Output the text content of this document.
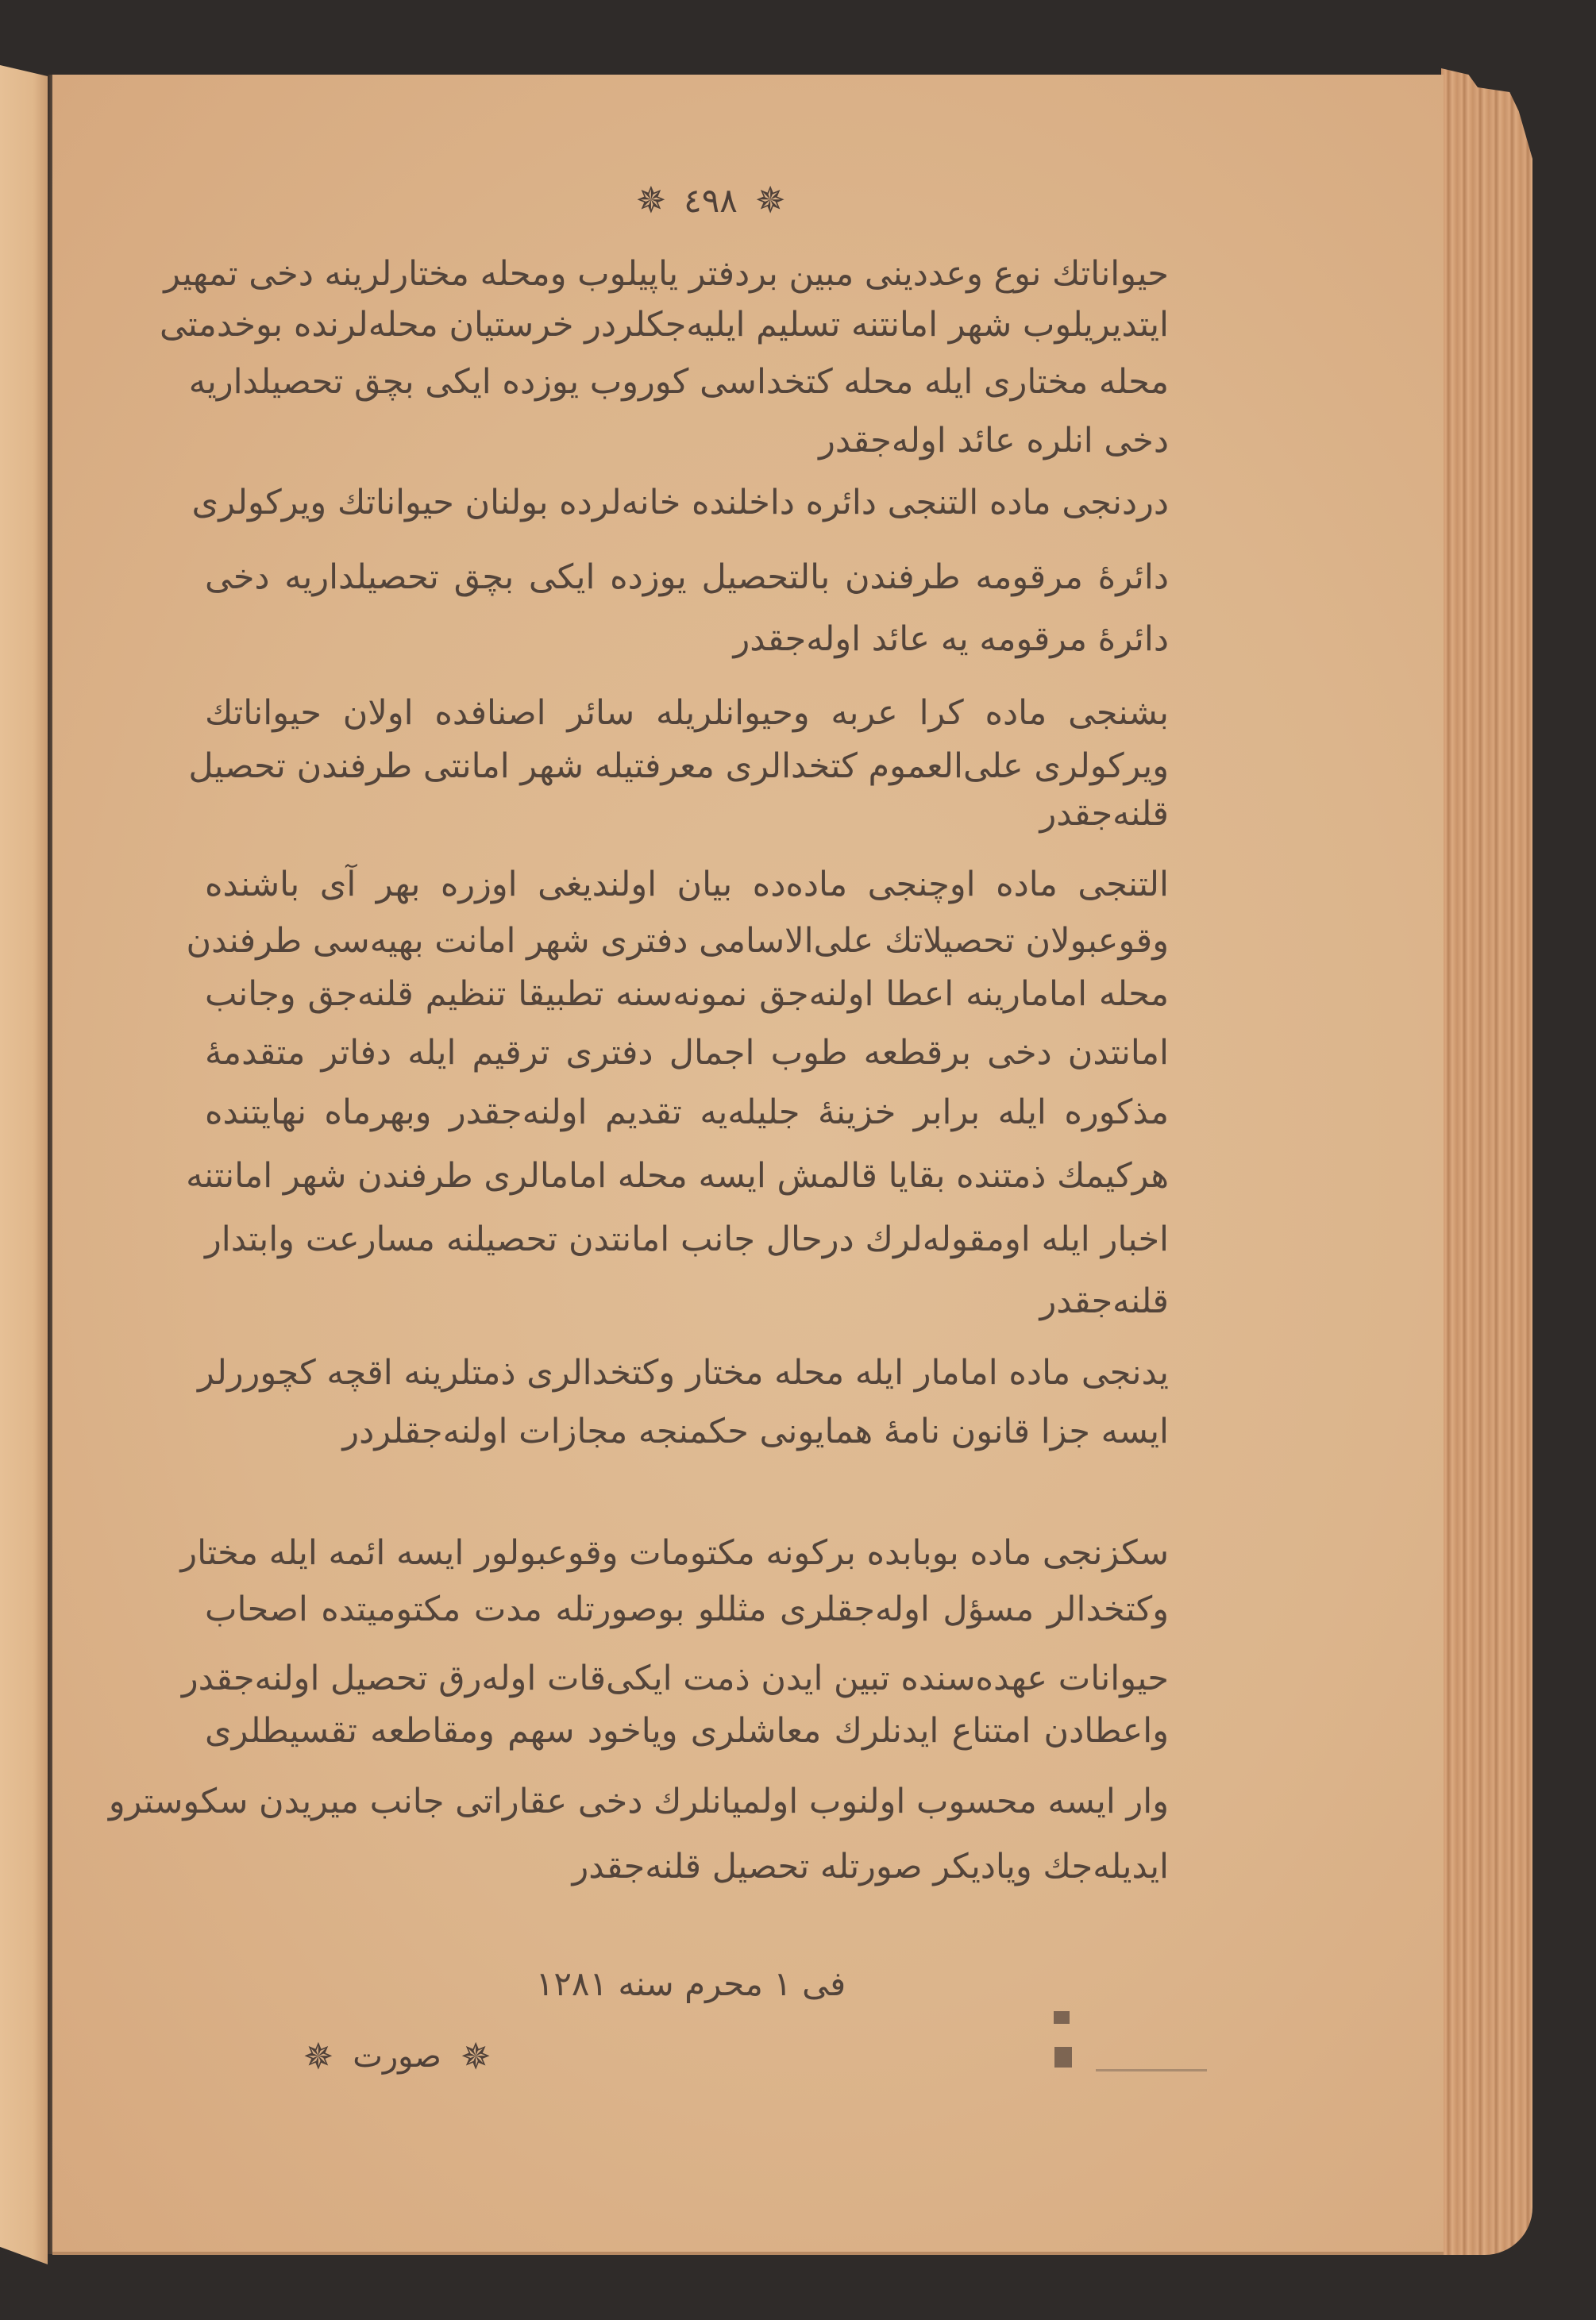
✵ ٤٩٨ ✵
حیواناتك نوع وعددینی مبین بردفتر یاپیلوب ومحله مختارلرینه دخی تمهیر
ایتدیریلوب شهر امانتنه تسلیم ایلیه‌جکلردر خرستیان محله‌لرنده بوخدمتی
محله مختاری ایله محله کتخداسی کوروب یوزده ایکی بچق تحصیلداریه
دخی انلره عائد اوله‌جقدر
دردنجی ماده التنجی دائره داخلنده خانه‌لرده بولنان حیواناتك ویرکولری
دائرهٔ مرقومه طرفندن بالتحصیل یوزده ایکی بچق تحصیلداریه دخی
دائرهٔ مرقومه یه عائد اوله‌جقدر
بشنجی ماده کرا عربه وحیوانلریله سائر اصنافده اولان حیواناتك
ویرکولری علی‌العموم کتخدالری معرفتیله شهر امانتی طرفندن تحصیل
قلنه‌جقدر
التنجی ماده اوچنجی ماده‌ده بیان اولندیغی اوزره بهر آی باشنده
وقوعبولان تحصیلاتك علی‌الاسامی دفتری شهر امانت بهیه‌سی طرفندن
محله امامارینه اعطا اولنه‌جق نمونه‌سنه تطبیقا تنظیم قلنه‌جق وجانب
امانتدن دخی برقطعه طوب اجمال دفتری ترقیم ایله دفاتر متقدمهٔ
مذکوره ایله برابر خزینهٔ جلیله‌یه تقدیم اولنه‌جقدر وبهرماه نهایتنده
هرکیمك ذمتنده بقایا قالمش ایسه محله امامالری طرفندن شهر امانتنه
اخبار ایله اومقوله‌لرك درحال جانب امانتدن تحصیلنه مسارعت وابتدار
قلنه‌جقدر
یدنجی ماده امامار ایله محله مختار وکتخدالری ذمتلرینه اقچه کچوررلر
ایسه جزا قانون نامهٔ همایونی حکمنجه مجازات اولنه‌جقلردر
سکزنجی ماده بوبابده برکونه مکتومات وقوعبولور ایسه ائمه ایله مختار
وکتخدالر مسؤل اوله‌جقلری مثللو بوصورتله مدت مکتومیتده اصحاب
حیوانات عهده‌سنده تبین ایدن ذمت ایکی‌قات اوله‌رق تحصیل اولنه‌جقدر
واعطادن امتناع ایدنلرك معاشلری ویاخود سهم ومقاطعه تقسیطلری
وار ایسه محسوب اولنوب اولمیانلرك دخی عقاراتی جانب میریدن سکوسترو
ایدیله‌جك ویادیکر صورتله تحصیل قلنه‌جقدر
فی ١ محرم سنه ١٢٨١
✵
صورت
✵
